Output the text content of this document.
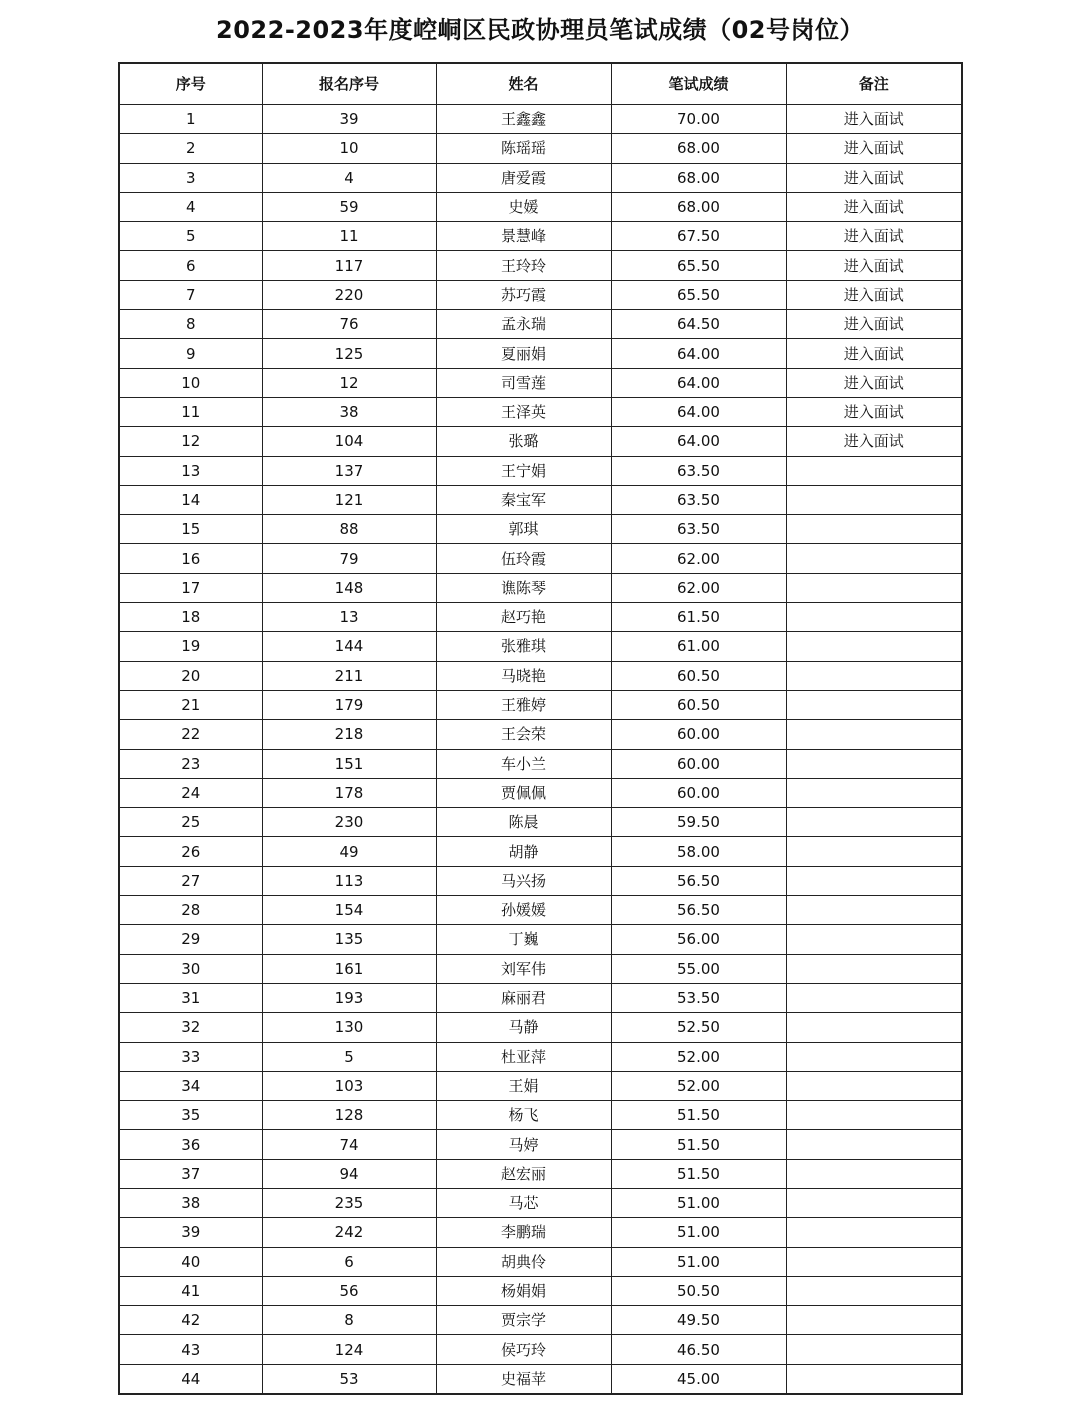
2022-2023年度崆峒区民政协理员笔试成绩（02号岗位）
序号	报名序号	姓名	笔试成绩	备注
1	39	王鑫鑫	70.00	进入面试
2	10	陈瑶瑶	68.00	进入面试
3	4	唐爱霞	68.00	进入面试
4	59	史媛	68.00	进入面试
5	11	景慧峰	67.50	进入面试
6	117	王玲玲	65.50	进入面试
7	220	苏巧霞	65.50	进入面试
8	76	孟永瑞	64.50	进入面试
9	125	夏丽娟	64.00	进入面试
10	12	司雪莲	64.00	进入面试
11	38	王泽英	64.00	进入面试
12	104	张璐	64.00	进入面试
13	137	王宁娟	63.50	
14	121	秦宝军	63.50	
15	88	郭琪	63.50	
16	79	伍玲霞	62.00	
17	148	谯陈琴	62.00	
18	13	赵巧艳	61.50	
19	144	张雅琪	61.00	
20	211	马晓艳	60.50	
21	179	王雅婷	60.50	
22	218	王会荣	60.00	
23	151	车小兰	60.00	
24	178	贾佩佩	60.00	
25	230	陈晨	59.50	
26	49	胡静	58.00	
27	113	马兴扬	56.50	
28	154	孙媛媛	56.50	
29	135	丁巍	56.00	
30	161	刘军伟	55.00	
31	193	麻丽君	53.50	
32	130	马静	52.50	
33	5	杜亚萍	52.00	
34	103	王娟	52.00	
35	128	杨飞	51.50	
36	74	马婷	51.50	
37	94	赵宏丽	51.50	
38	235	马芯	51.00	
39	242	李鹏瑞	51.00	
40	6	胡典伶	51.00	
41	56	杨娟娟	50.50	
42	8	贾宗学	49.50	
43	124	侯巧玲	46.50	
44	53	史福苹	45.00	
